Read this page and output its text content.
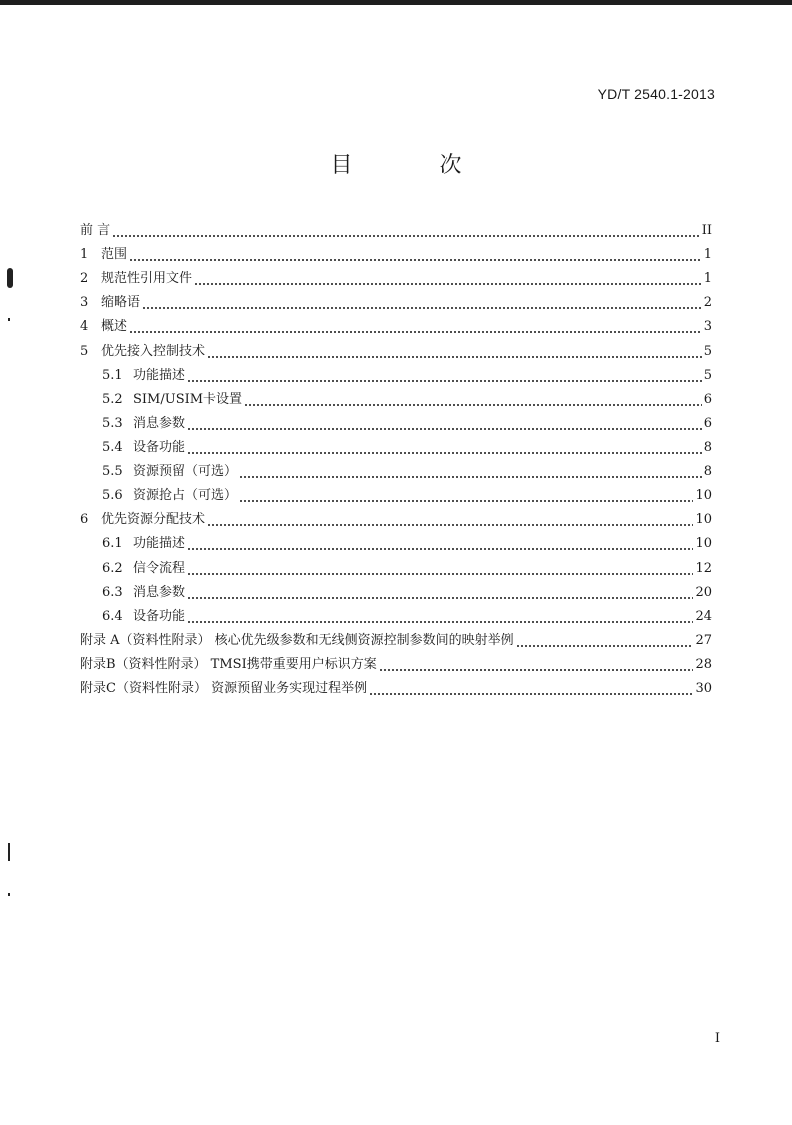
YD/T 2540.1-2013
目 次
前 言	II
1 范围	1
2 规范性引用文件	1
3 缩略语	2
4 概述	3
5 优先接入控制技术	5
5.1 功能描述	5
5.2 SIM/USIM卡设置	6
5.3 消息参数	6
5.4 设备功能	8
5.5 资源预留（可选）	8
5.6 资源抢占（可选）	10
6 优先资源分配技术	10
6.1 功能描述	10
6.2 信令流程	12
6.3 消息参数	20
6.4 设备功能	24
附录 A（资料性附录） 核心优先级参数和无线侧资源控制参数间的映射举例	27
附录B（资料性附录） TMSI携带重要用户标识方案	28
附录C（资料性附录） 资源预留业务实现过程举例	30
I
